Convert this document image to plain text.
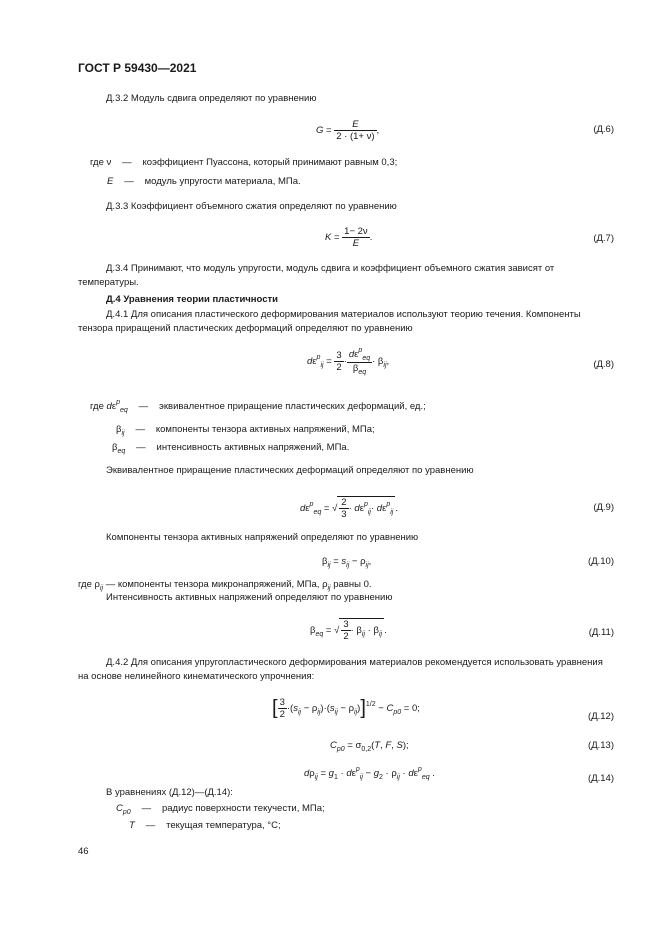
ГОСТ Р 59430—2021
Д.3.2 Модуль сдвига определяют по уравнению
$G = \frac{E}{2 \cdot (1+ \nu)}$ ,	(Д.6)
где ν — коэффициент Пуассона, который принимают равным 0,3;
E — модуль упругости материала, МПа.
Д.3.3 Коэффициент объемного сжатия определяют по уравнению
$K = \frac{1- 2\nu}{E}$ .	(Д.7)
Д.3.4 Принимают, что модуль упругости, модуль сдвига и коэффициент объемного сжатия зависят от температуры.
Д.4 Уравнения теории пластичности
Д.4.1 Для описания пластического деформирования материалов используют теорию течения. Компоненты тензора приращений пластических деформаций определяют по уравнению
$d\varepsilon^p_{ij} = \frac{3}{2} \cdot \frac{d\varepsilon^p_{eq}}{\beta_{eq}} \cdot \beta_{ij}$,	(Д.8)
где $d\varepsilon^p_{eq}$ — эквивалентное приращение пластических деформаций, ед.;
$\beta_{ij}$ — компоненты тензора активных напряжений, МПа;
$\beta_{eq}$ — интенсивность активных напряжений, МПа.
Эквивалентное приращение пластических деформаций определяют по уравнению
$d\varepsilon^p_{eq}$ = √ $\frac{2}{3} \cdot d\varepsilon^p_{ij}\cdot d\varepsilon^p_{ij}$ .	(Д.9)
Компоненты тензора активных напряжений определяют по уравнению
$\beta_{ij} = s_{ij} - \rho_{ij}$,	(Д.10)
где $\rho_{ij}$ — компоненты тензора микронапряжений, МПа, $\rho_{ij}$ равны 0.
Интенсивность активных напряжений определяют по уравнению
$\beta_{eq}$ = √ $\frac{3}{2} \cdot \beta_{ij} \cdot \beta_{ij}$ .	(Д.11)
Д.4.2 Для описания упругопластического деформирования материалов рекомендуется использовать уравнения на основе нелинейного кинематического упрочнения:
[ $\frac{3}{2} \cdot(s_{ij} - \rho_{ij})\cdot(s_{ij} - \rho_{ij})]^{1/2} - C_{p0} = 0$;
(Д.12)
$C_{p0} = \sigma_{0,2}(T$, F, S);	(Д.13)
$d\rho_{ij} = g_1 \cdot d\varepsilon^p_{ij} - g_2 \cdot \rho_{ij} \cdot d\varepsilon^p_{eq}$ .	(Д.14)
В уравнениях (Д.12)—(Д.14):
$C_{p0}$ — радиус поверхности текучести, МПа;
T — текущая температура, °С;
46
